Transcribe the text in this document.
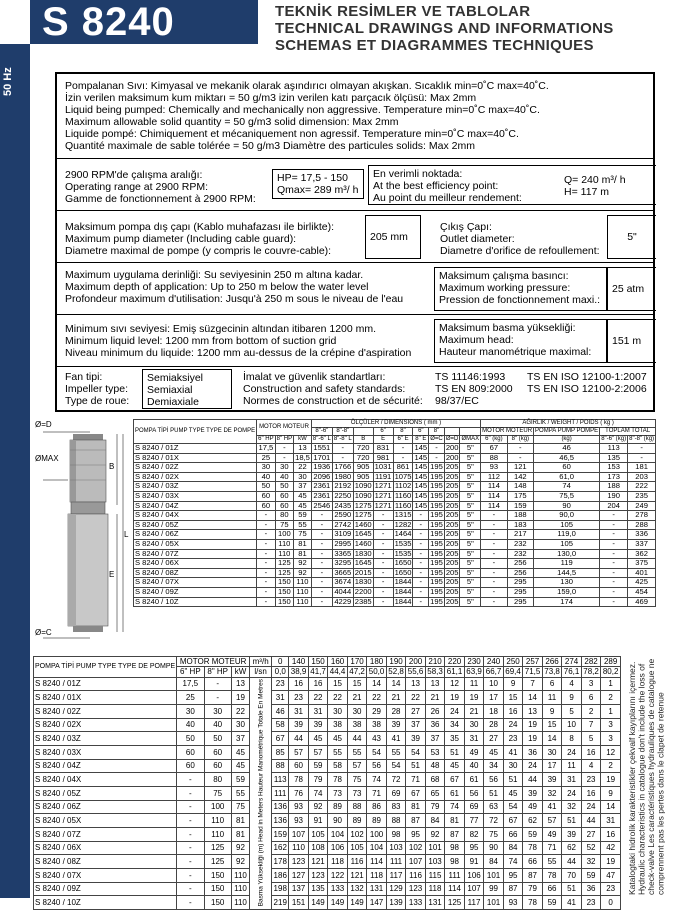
S 8240	TEKNİK RESİMLER VE TABLOLAR
TECHNICAL DRAWINGS AND INFORMATIONS
SCHEMAS ET DIAGRAMMES TECHNIQUES
50 Hz	Pompalanan Sıvı: Kimyasal ve mekanik olarak aşındırıcı olmayan akışkan. Sıcaklık min=0˚C max=40˚C.
İzin verilen maksimum kum miktarı = 50 g/m3 izin verilen katı parçacık ölçüsü: Max 2mm
Liquid being pumped: Chemically and mechanically non aggressive. Temperature min=0˚C max=40˚C.
Maximum allowable solid quantity = 50 g/m3 solid dimension: Max 2mm
Liquide pompé: Chimiquement et mécaniquement non agressif. Temperature min=0˚C max=40˚C.
Quantité maximale de sable tolérée = 50 g/m3 Diamètre des particules solids: Max 2mm
2900 RPM'de çalışma aralığı:
Operating range at 2900 RPM:
Gamme de fonctionnement à 2900 RPM:
HP= 17,5 - 150
Qmax= 289 m³/ h
En verimli noktada:
At the best efficiency point:
Au point du meilleur rendement:
Q= 240 m³/ h
H= 117 m
Maksimum pompa dış çapı (Kablo muhafazası ile birlikte):
Maximum pump diameter (Including cable guard):
Diametre maximal de pompe (y compris le couvre-cable):
205 mm
Çıkış Çapı:
Outlet diameter:
Diametre d'orifice de refoullement:
5"
Maximum uygulama derinliği: Su seviyesinin 250 m altına kadar.
Maximum depth of application: Up to 250 m below the water level
Profondeur maximum d'utilisation: Jusqu'à 250 m sous le niveau de l'eau
Maksimum çalışma basıncı:
Maximum working pressure:
Pression de fonctionnement maxi.:
25 atm
Minimum sıvı seviyesi: Emiş süzgecinin altından itibaren 1200 mm.
Minimum liquid level: 1200 mm from bottom of suction grid
Niveau minimum du liquide: 1200 mm au-dessus de la crépine d'aspiration
Maksimum basma yüksekliği:
Maximum head:
Hauteur manométrique maximal:
151 m
Fan tipi:
Impeller type:
Type de roue:
Semiaksiyel
Semiaxial
Demiaxiale
İmalat ve güvenlik standartları:
Construction and safety standards:
Normes de construction et de sécurité:
TS 11146:1993
TS EN 809:2000
98/37/EC
TS EN ISO 12100-1:2007
TS EN ISO 12100-2:2006
Ø=D
ØMAX
Ø=C
B
L
E
POMPA TİPİ PUMP TYPE TYPE DE POMPE	MOTOR MOTEUR			ÖLÇÜLER / DIMENSIONS ( mm )									AĞIRLIK / WEIGHT / POIDS ( kg )				
				8"-6"	8"-8"		6"	8"	6"	8"			MOTOR MOTEUR		POMPA PUMP POMPE	TOPLAM TOTAL	
	6" HP	8" HP	kW	8"-6" L	8"-8" L	B	E	6" E	8" E	Ø=C	Ø=D	ØMAX	6" (kg)	8" (kg)	(kg)	8"-6" (kg)	8"-8" (kg)
S 8240 / 01Z	17,5	-	13	1551	-	720	831	-	145	-	200	5"	67	-	46	113	-
S 8240 / 01X	25	-	18,5	1701	-	720	981	-	145	-	200	5"	88	-	46,5	135	-
S 8240 / 02Z	30	30	22	1936	1766	905	1031	861	145	195	205	5"	93	121	60	153	181
S 8240 / 02X	40	40	30	2096	1980	905	1191	1075	145	195	205	5"	112	142	61,0	173	203
S 8240 / 03Z	50	50	37	2361	2192	1090	1271	1102	145	195	205	5"	114	148	74	188	222
S 8240 / 03X	60	60	45	2361	2250	1090	1271	1160	145	195	205	5"	114	175	75,5	190	235
S 8240 / 04Z	60	60	45	2546	2435	1275	1271	1160	145	195	205	5"	114	159	90	204	249
S 8240 / 04X	-	80	59	-	2590	1275	-	1315	-	195	205	5"	-	188	90,0	-	278
S 8240 / 05Z	-	75	55	-	2742	1460	-	1282	-	195	205	5"	-	183	105	-	288
S 8240 / 06Z	-	100	75	-	3109	1645	-	1464	-	195	205	5"	-	217	119,0	-	336
S 8240 / 05X	-	110	81	-	2995	1460	-	1535	-	195	205	5"	-	232	105	-	337
S 8240 / 07Z	-	110	81	-	3365	1830	-	1535	-	195	205	5"	-	232	130,0	-	362
S 8240 / 06X	-	125	92	-	3295	1645	-	1650	-	195	205	5"	-	256	119	-	375
S 8240 / 08Z	-	125	92	-	3665	2015	-	1650	-	195	205	5"	-	256	144,5	-	401
S 8240 / 07X	-	150	110	-	3674	1830	-	1844	-	195	205	5"	-	295	130	-	425
S 8240 / 09Z	-	150	110	-	4044	2200	-	1844	-	195	205	5"	-	295	159,0	-	454
S 8240 / 10Z	-	150	110	-	4229	2385	-	1844	-	195	205	5"	-	295	174	-	469
POMPA TİPİ PUMP TYPE TYPE DE POMPE	MOTOR MOTEUR			m³/h	0	140	150	160	170	180	190	200	210	220	230	240	250	257	266	274	282	289
	6" HP	8" HP	kW	l/sn	0,0	38,9	41,7	44,4	47,2	50,0	52,8	55,6	58,3	61,1	63,9	66,7	69,4	71,5	73,8	76,1	78,2	80,2
S 8240 / 01Z	17,5	-	13	Basma Yüksekliği (m) Head in Meters Hauteur Manométrique Totale En Metres	23	16	16	15	15	14	14	13	13	12	11	10	9	7	6	4	3	1
S 8240 / 01X	25	-	19		31	23	22	22	21	22	21	22	21	19	19	17	15	14	11	9	6	2
S 8240 / 02Z	30	30	22		46	31	31	30	30	29	28	27	26	24	21	18	16	13	9	5	2	1
S 8240 / 02X	40	40	30		58	39	39	38	38	38	39	37	36	34	30	28	24	19	15	10	7	3
S 8240 / 03Z	50	50	37		67	44	45	45	44	43	41	39	37	35	31	27	23	19	14	8	5	3
S 8240 / 03X	60	60	45		85	57	57	55	55	54	55	54	53	51	49	45	41	36	30	24	16	12
S 8240 / 04Z	60	60	45		88	60	59	58	57	56	54	51	48	45	40	34	30	24	17	11	4	2
S 8240 / 04X	-	80	59		113	78	79	78	75	74	72	71	68	67	61	56	51	44	39	31	23	19
S 8240 / 05Z	-	75	55		111	76	74	73	73	71	69	67	65	61	56	51	45	39	32	24	16	9
S 8240 / 06Z	-	100	75		136	93	92	89	88	86	83	81	79	74	69	63	54	49	41	32	24	14
S 8240 / 05X	-	110	81		136	93	91	90	89	89	88	87	84	81	77	72	67	62	57	51	44	31
S 8240 / 07Z	-	110	81		159	107	105	104	102	100	98	95	92	87	82	75	66	59	49	39	27	16
S 8240 / 06X	-	125	92		162	110	108	106	105	104	103	102	101	98	95	90	84	78	71	62	52	42
S 8240 / 08Z	-	125	92		178	123	121	118	116	114	111	107	103	98	91	84	74	66	55	44	32	19
S 8240 / 07X	-	150	110		186	127	123	122	121	118	117	116	115	111	106	101	95	87	78	70	59	47
S 8240 / 09Z	-	150	110		198	137	135	133	132	131	129	123	118	114	107	99	87	79	66	51	36	23
S 8240 / 10Z	-	150	110		219	151	149	149	149	147	139	133	131	125	117	101	93	78	59	41	23	0
Katalogtaki hidrolik karakteristikler çekvalf kayıplarını içermez. Hydraulic characteristics in catalogue don't include the loss of check-valve Les caractéristiques hydrauliques de catalogue ne comprennent pas les pertes dans le clapet de retenue
